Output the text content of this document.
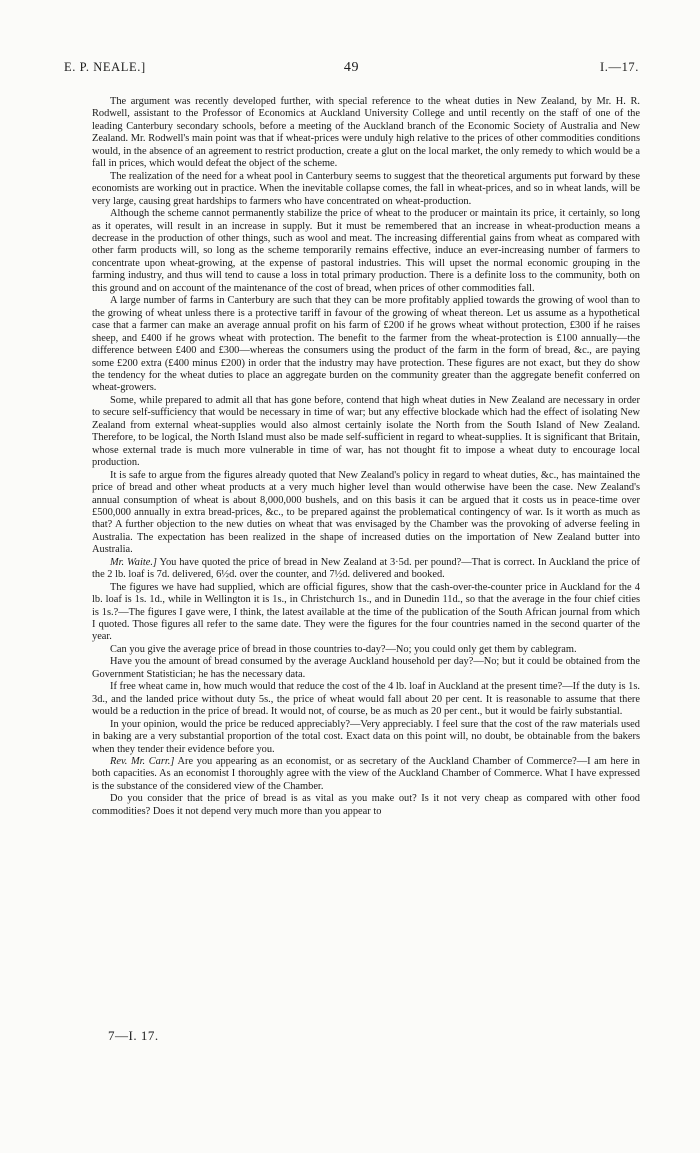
E. P. NEALE.]	49	I.—17.

The argument was recently developed further, with special reference to the wheat duties in New Zealand, by Mr. H. R. Rodwell, assistant to the Professor of Economics at Auckland University College and until recently on the staff of one of the leading Canterbury secondary schools, before a meeting of the Auckland branch of the Economic Society of Australia and New Zealand. Mr. Rodwell's main point was that if wheat-prices were unduly high relative to the prices of other commodities conditions would, in the absence of an agreement to restrict production, create a glut on the local market, the only remedy to which would be a fall in prices, which would defeat the object of the scheme.

The realization of the need for a wheat pool in Canterbury seems to suggest that the theoretical arguments put forward by these economists are working out in practice. When the inevitable collapse comes, the fall in wheat-prices, and so in wheat lands, will be very large, causing great hardships to farmers who have concentrated on wheat-production.

Although the scheme cannot permanently stabilize the price of wheat to the producer or maintain its price, it certainly, so long as it operates, will result in an increase in supply. But it must be remembered that an increase in wheat-production means a decrease in the production of other things, such as wool and meat. The increasing differential gains from wheat as compared with other farm products will, so long as the scheme temporarily remains effective, induce an ever-increasing number of farmers to concentrate upon wheat-growing, at the expense of pastoral industries. This will upset the normal economic grouping in the farming industry, and thus will tend to cause a loss in total primary production. There is a definite loss to the community, both on this ground and on account of the maintenance of the cost of bread, when prices of other commodities fall.

A large number of farms in Canterbury are such that they can be more profitably applied towards the growing of wool than to the growing of wheat unless there is a protective tariff in favour of the growing of wheat thereon. Let us assume as a hypothetical case that a farmer can make an average annual profit on his farm of £200 if he grows wheat without protection, £300 if he raises sheep, and £400 if he grows wheat with protection. The benefit to the farmer from the wheat-protection is £100 annually—the difference between £400 and £300—whereas the consumers using the product of the farm in the form of bread, &c., are paying some £200 extra (£400 minus £200) in order that the industry may have protection. These figures are not exact, but they do show the tendency for the wheat duties to place an aggregate burden on the community greater than the aggregate benefit conferred on wheat-growers.

Some, while prepared to admit all that has gone before, contend that high wheat duties in New Zealand are necessary in order to secure self-sufficiency that would be necessary in time of war; but any effective blockade which had the effect of isolating New Zealand from external wheat-supplies would also almost certainly isolate the North from the South Island of New Zealand. Therefore, to be logical, the North Island must also be made self-sufficient in regard to wheat-supplies. It is significant that Britain, whose external trade is much more vulnerable in time of war, has not thought fit to impose a wheat duty to encourage local production.

It is safe to argue from the figures already quoted that New Zealand's policy in regard to wheat duties, &c., has maintained the price of bread and other wheat products at a very much higher level than would otherwise have been the case. New Zealand's annual consumption of wheat is about 8,000,000 bushels, and on this basis it can be argued that it costs us in peace-time over £500,000 annually in extra bread-prices, &c., to be prepared against the problematical contingency of war. Is it worth as much as that? A further objection to the new duties on wheat that was envisaged by the Chamber was the provoking of adverse feeling in Australia. The expectation has been realized in the shape of increased duties on the importation of New Zealand butter into Australia.

Mr. Waite.] You have quoted the price of bread in New Zealand at 3·5d. per pound?—That is correct. In Auckland the price of the 2 lb. loaf is 7d. delivered, 6½d. over the counter, and 7½d. delivered and booked.

The figures we have had supplied, which are official figures, show that the cash-over-the-counter price in Auckland for the 4 lb. loaf is 1s. 1d., while in Wellington it is 1s., in Christchurch 1s., and in Dunedin 11d., so that the average in the four chief cities is 1s.?—The figures I gave were, I think, the latest available at the time of the publication of the South African journal from which I quoted. Those figures all refer to the same date. They were the figures for the four countries named in the second quarter of the year.

Can you give the average price of bread in those countries to-day?—No; you could only get them by cablegram.

Have you the amount of bread consumed by the average Auckland household per day?—No; but it could be obtained from the Government Statistician; he has the necessary data.

If free wheat came in, how much would that reduce the cost of the 4 lb. loaf in Auckland at the present time?—If the duty is 1s. 3d., and the landed price without duty 5s., the price of wheat would fall about 20 per cent. It is reasonable to assume that there would be a reduction in the price of bread. It would not, of course, be as much as 20 per cent., but it would be fairly substantial.

In your opinion, would the price be reduced appreciably?—Very appreciably. I feel sure that the cost of the raw materials used in baking are a very substantial proportion of the total cost. Exact data on this point will, no doubt, be obtainable from the bakers when they tender their evidence before you.

Rev. Mr. Carr.] Are you appearing as an economist, or as secretary of the Auckland Chamber of Commerce?—I am here in both capacities. As an economist I thoroughly agree with the view of the Auckland Chamber of Commerce. What I have expressed is the substance of the considered view of the Chamber.

Do you consider that the price of bread is as vital as you make out? Is it not very cheap as compared with other food commodities? Does it not depend very much more than you appear to

7—I. 17.
